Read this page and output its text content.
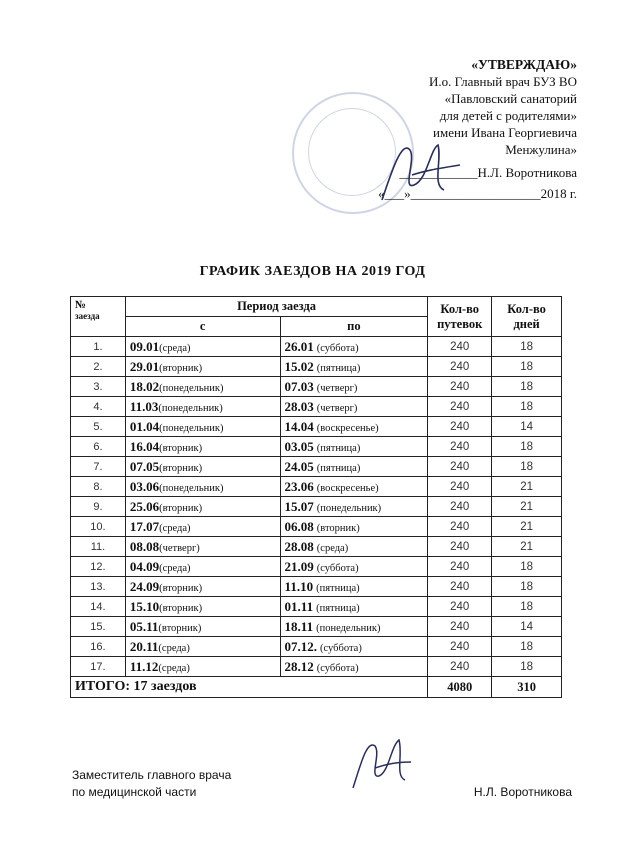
«УТВЕРЖДАЮ»
И.о. Главный врач БУЗ ВО
«Павловский санаторий
для детей с родителями»
имени Ивана Георгиевича
Менжулина»
____________Н.Л. Воротникова
«___»____________________2018 г.
ГРАФИК ЗАЕЗДОВ НА 2019 ГОД
№
заезда	Период заезда		Кол-во путевок	Кол-во дней
	с	по		
1.	09.01(среда)	26.01 (суббота)	240	18
2.	29.01(вторник)	15.02 (пятница)	240	18
3.	18.02(понедельник)	07.03 (четверг)	240	18
4.	11.03(понедельник)	28.03 (четверг)	240	18
5.	01.04(понедельник)	14.04 (воскресенье)	240	14
6.	16.04(вторник)	03.05 (пятница)	240	18
7.	07.05(вторник)	24.05 (пятница)	240	18
8.	03.06(понедельник)	23.06 (воскресенье)	240	21
9.	25.06(вторник)	15.07 (понедельник)	240	21
10.	17.07(среда)	06.08 (вторник)	240	21
11.	08.08(четверг)	28.08 (среда)	240	21
12.	04.09(среда)	21.09 (суббота)	240	18
13.	24.09(вторник)	11.10 (пятница)	240	18
14.	15.10(вторник)	01.11 (пятница)	240	18
15.	05.11(вторник)	18.11 (понедельник)	240	14
16.	20.11(среда)	07.12. (суббота)	240	18
17.	11.12(среда)	28.12 (суббота)	240	18
ИТОГО: 17 заездов			4080	310
Заместитель главного врача
по медицинской части	Н.Л. Воротникова
